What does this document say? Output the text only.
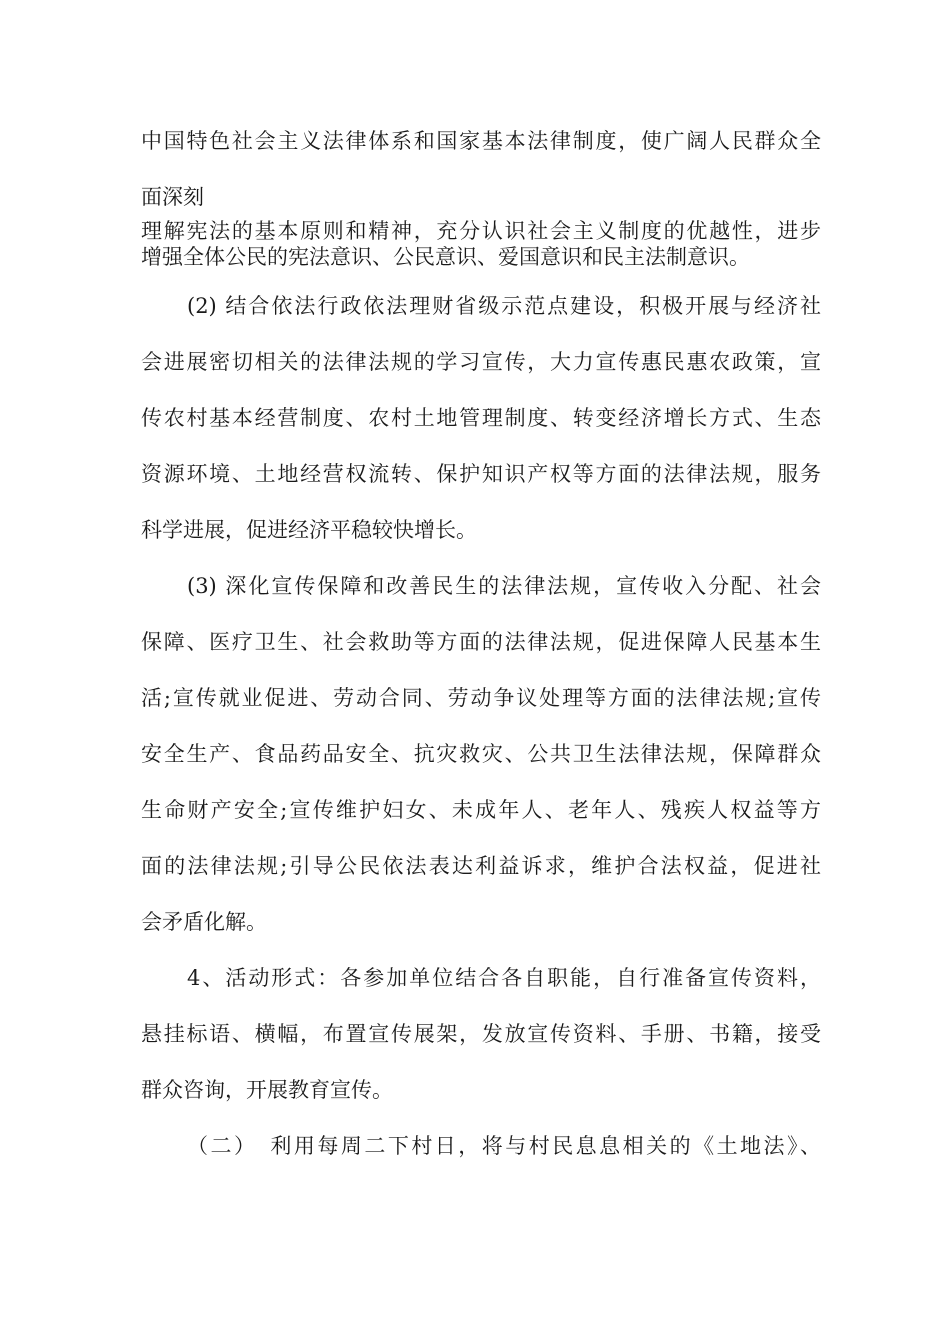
中国特色社会主义法律体系和国家基本法律制度，使广阔人民群众全
面深刻
理解宪法的基本原则和精神，充分认识社会主义制度的优越性，进步
增强全体公民的宪法意识、公民意识、爱国意识和民主法制意识。
(2) 结合依法行政依法理财省级示范点建设，积极开展与经济社
会进展密切相关的法律法规的学习宣传，大力宣传惠民惠农政策，宣
传农村基本经营制度、农村土地管理制度、转变经济增长方式、生态
资源环境、土地经营权流转、保护知识产权等方面的法律法规，服务
科学进展，促进经济平稳较快增长。
(3) 深化宣传保障和改善民生的法律法规，宣传收入分配、社会
保障、医疗卫生、社会救助等方面的法律法规，促进保障人民基本生
活;宣传就业促进、劳动合同、劳动争议处理等方面的法律法规;宣传
安全生产、食品药品安全、抗灾救灾、公共卫生法律法规，保障群众
生命财产安全;宣传维护妇女、未成年人、老年人、残疾人权益等方
面的法律法规;引导公民依法表达利益诉求，维护合法权益，促进社
会矛盾化解。
4、活动形式：各参加单位结合各自职能，自行准备宣传资料，
悬挂标语、横幅，布置宣传展架，发放宣传资料、手册、书籍，接受
群众咨询，开展教育宣传。
（二）　利用每周二下村日，将与村民息息相关的《土地法》、
